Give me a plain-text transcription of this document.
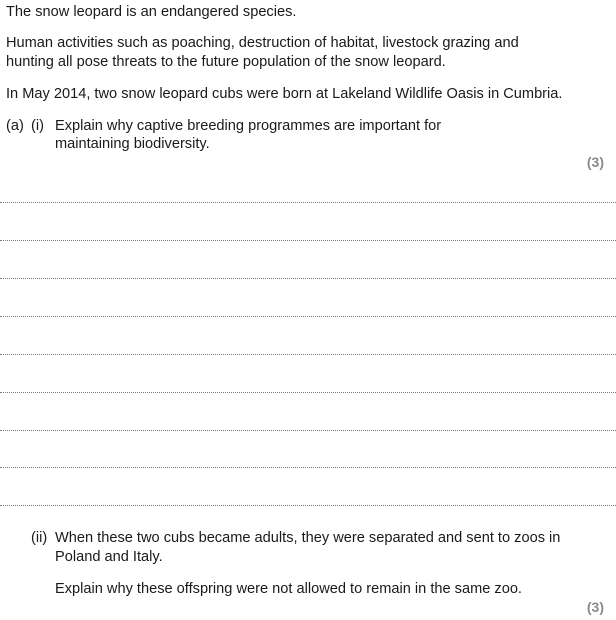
The snow leopard is an endangered species.
Human activities such as poaching, destruction of habitat, livestock grazing and
hunting all pose threats to the future population of the snow leopard.
In May 2014, two snow leopard cubs were born at Lakeland Wildlife Oasis in Cumbria.
(a) (i) Explain why captive breeding programmes are important for
maintaining biodiversity.
(3)
(ii) When these two cubs became adults, they were separated and sent to zoos in
Poland and Italy.
Explain why these offspring were not allowed to remain in the same zoo.
(3)
